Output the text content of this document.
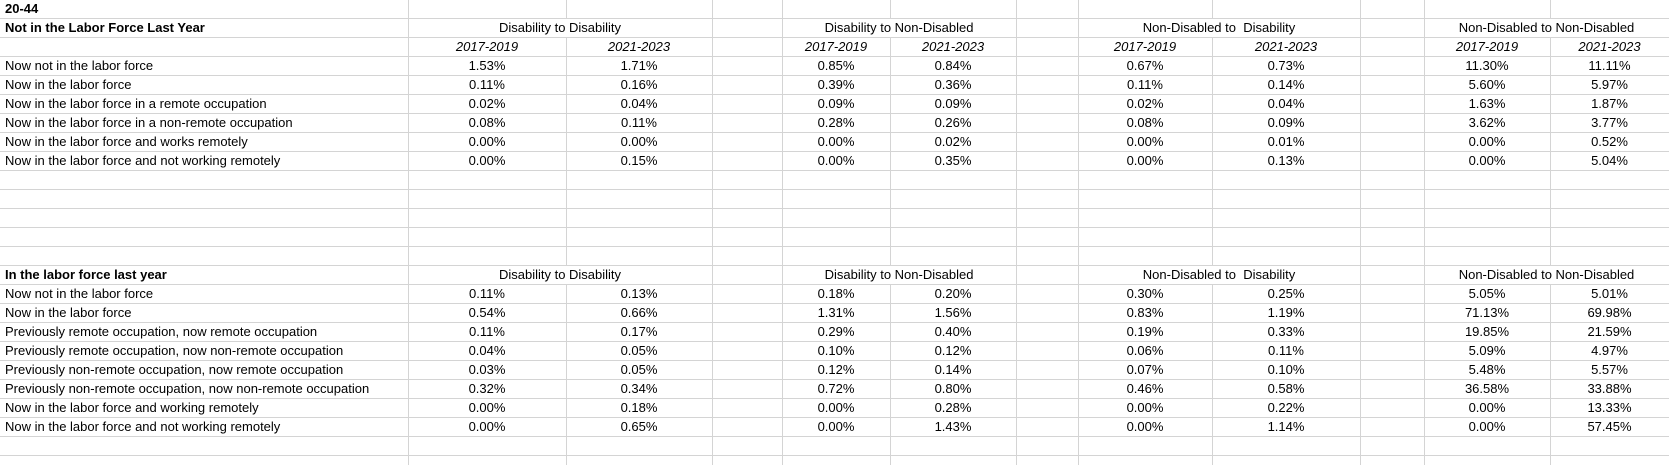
20-44											
Not in the Labor Force Last Year	Disability to Disability			Disability to Non-Disabled			Non-Disabled to  Disability			Non-Disabled to Non-Disabled	
	2017-2019	2021-2023		2017-2019	2021-2023		2017-2019	2021-2023		2017-2019	2021-2023
Now not in the labor force	1.53%	1.71%		0.85%	0.84%		0.67%	0.73%		11.30%	11.11%
Now in the labor force	0.11%	0.16%		0.39%	0.36%		0.11%	0.14%		5.60%	5.97%
Now in the labor force in a remote occupation	0.02%	0.04%		0.09%	0.09%		0.02%	0.04%		1.63%	1.87%
Now in the labor force in a non-remote occupation	0.08%	0.11%		0.28%	0.26%		0.08%	0.09%		3.62%	3.77%
Now in the labor force and works remotely	0.00%	0.00%		0.00%	0.02%		0.00%	0.01%		0.00%	0.52%
Now in the labor force and not working remotely	0.00%	0.15%		0.00%	0.35%		0.00%	0.13%		0.00%	5.04%

In the labor force last year	Disability to Disability			Disability to Non-Disabled			Non-Disabled to  Disability			Non-Disabled to Non-Disabled	
Now not in the labor force	0.11%	0.13%		0.18%	0.20%		0.30%	0.25%		5.05%	5.01%
Now in the labor force	0.54%	0.66%		1.31%	1.56%		0.83%	1.19%		71.13%	69.98%
Previously remote occupation, now remote occupation	0.11%	0.17%		0.29%	0.40%		0.19%	0.33%		19.85%	21.59%
Previously remote occupation, now non-remote occupation	0.04%	0.05%		0.10%	0.12%		0.06%	0.11%		5.09%	4.97%
Previously non-remote occupation, now remote occupation	0.03%	0.05%		0.12%	0.14%		0.07%	0.10%		5.48%	5.57%
Previously non-remote occupation, now non-remote occupation	0.32%	0.34%		0.72%	0.80%		0.46%	0.58%		36.58%	33.88%
Now in the labor force and working remotely	0.00%	0.18%		0.00%	0.28%		0.00%	0.22%		0.00%	13.33%
Now in the labor force and not working remotely	0.00%	0.65%		0.00%	1.43%		0.00%	1.14%		0.00%	57.45%
